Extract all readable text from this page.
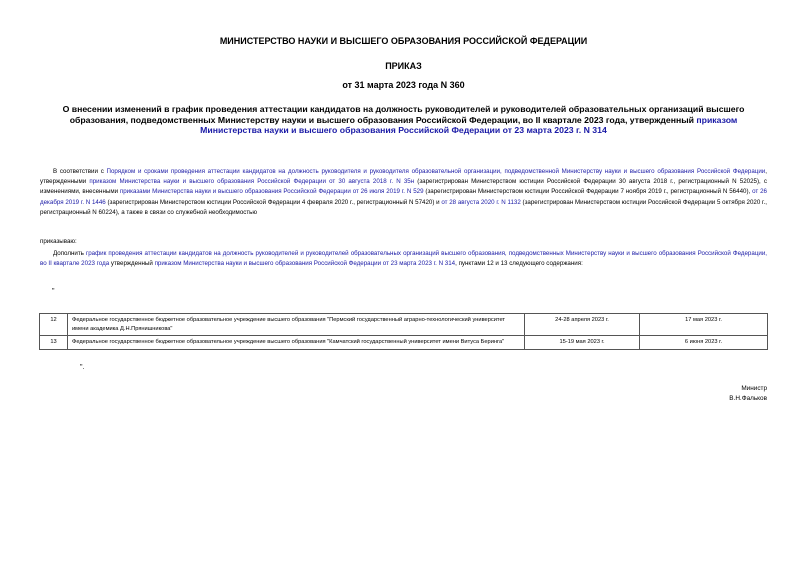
МИНИСТЕРСТВО НАУКИ И ВЫСШЕГО ОБРАЗОВАНИЯ РОССИЙСКОЙ ФЕДЕРАЦИИ
ПРИКАЗ
от 31 марта 2023 года N 360
О внесении изменений в график проведения аттестации кандидатов на должность руководителей и руководителей образовательных организаций высшего образования, подведомственных Министерству науки и высшего образования Российской Федерации, во II квартале 2023 года, утвержденный приказом Министерства науки и высшего образования Российской Федерации от 23 марта 2023 г. N 314
В соответствии с Порядком и сроками проведения аттестации кандидатов на должность руководителя и руководителя образовательной организации, подведомственной Министерству науки и высшего образования Российской Федерации, утвержденными приказом Министерства науки и высшего образования Российской Федерации от 30 августа 2018 г. N 35н (зарегистрирован Министерством юстиции Российской Федерации 30 августа 2018 г., регистрационный N 52025), с изменениями, внесенными приказами Министерства науки и высшего образования Российской Федерации от 26 июля 2019 г. N 529 (зарегистрирован Министерством юстиции Российской Федерации 7 ноября 2019 г., регистрационный N 56440), от 26 декабря 2019 г. N 1446 (зарегистрирован Министерством юстиции Российской Федерации 4 февраля 2020 г., регистрационный N 57420) и от 28 августа 2020 г. N 1132 (зарегистрирован Министерством юстиции Российской Федерации 5 октября 2020 г., регистрационный N 60224), а также в связи со служебной необходимостью
приказываю:
Дополнить график проведения аттестации кандидатов на должность руководителей и руководителей образовательных организаций высшего образования, подведомственных Министерству науки и высшего образования Российской Федерации, во II квартале 2023 года утвержденный приказом Министерства науки и высшего образования Российской Федерации от 23 марта 2023 г. N 314, пунктами 12 и 13 следующего содержания:
"
12	Федеральное государственное бюджетное образовательное учреждение высшего образования "Пермский государственный аграрно-технологический университет имени академика Д.Н.Прянишникова"	24-28 апреля 2023 г.	17 мая 2023 г.
13	Федеральное государственное бюджетное образовательное учреждение высшего образования "Камчатский государственный университет имени Витуса Беринга"	15-19 мая 2023 г.	6 июня 2023 г.
".
Министр
В.Н.Фальков
